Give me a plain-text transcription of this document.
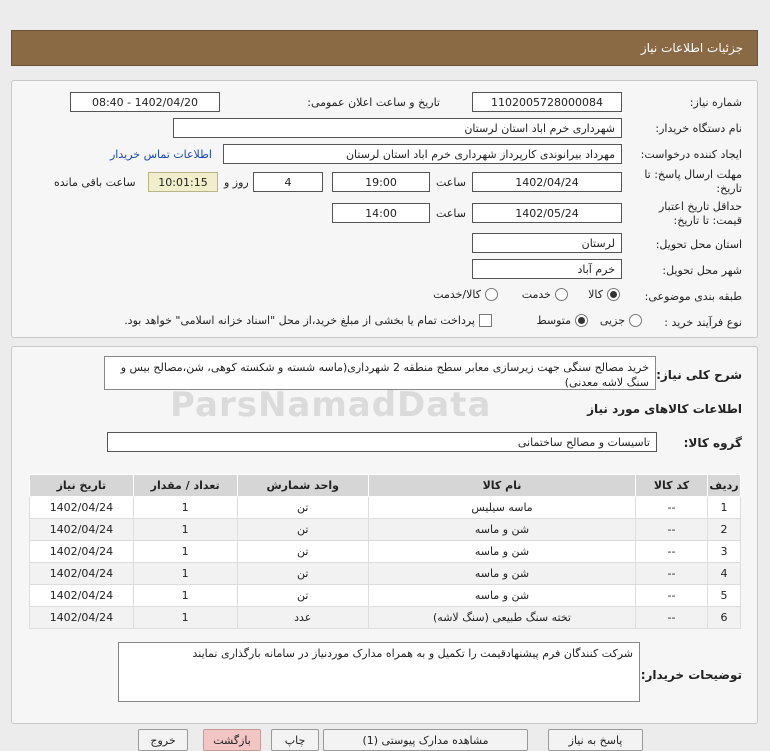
جزئیات اطلاعات نیاز
شماره نیاز:
1102005728000084
تاریخ و ساعت اعلان عمومی:
1402/04/20 - 08:40
نام دستگاه خریدار:
شهرداری خرم اباد استان لرستان
ایجاد کننده درخواست:
مهرداد بیرانوندی کارپرداز شهرداری خرم اباد استان لرستان
اطلاعات تماس خریدار
مهلت ارسال پاسخ: تا
تاریخ:
1402/04/24
ساعت
19:00
4
روز و
10:01:15
ساعت باقی مانده
حداقل تاریخ اعتبار
قیمت: تا تاریخ:
1402/05/24
ساعت
14:00
استان محل تحویل:
لرستان
شهر محل تحویل:
خرم آباد
طبقه بندی موضوعی:
کالا
خدمت
کالا/خدمت
نوع فرآیند خرید :
جزیی
متوسط
پرداخت تمام یا بخشی از مبلغ خرید،از محل "اسناد خزانه اسلامی" خواهد بود.
شرح کلی نیاز:
خرید مصالح سنگی جهت زیرسازی معابر سطح منطقه 2 شهرداری(ماسه شسته و شکسته کوهی، شن،مصالح بیس و سنگ لاشه معدنی)
اطلاعات کالاهای مورد نیاز
ParsNamadData
گروه کالا:
تاسیسات و مصالح ساختمانی
ردیف	کد کالا	نام کالا	واحد شمارش	تعداد / مقدار	تاریخ نیاز
1	--	ماسه سیلیس	تن	1	1402/04/24
2	--	شن و ماسه	تن	1	1402/04/24
3	--	شن و ماسه	تن	1	1402/04/24
4	--	شن و ماسه	تن	1	1402/04/24
5	--	شن و ماسه	تن	1	1402/04/24
6	--	تخته سنگ طبیعی (سنگ لاشه)	عدد	1	1402/04/24
توضیحات خریدار:
شرکت کنندگان فرم پیشنهادقیمت را تکمیل و به همراه مدارک موردنیاز در سامانه بارگذاری نمایند
پاسخ به نیاز
مشاهده مدارک پیوستی (1)
چاپ
بازگشت
خروج
